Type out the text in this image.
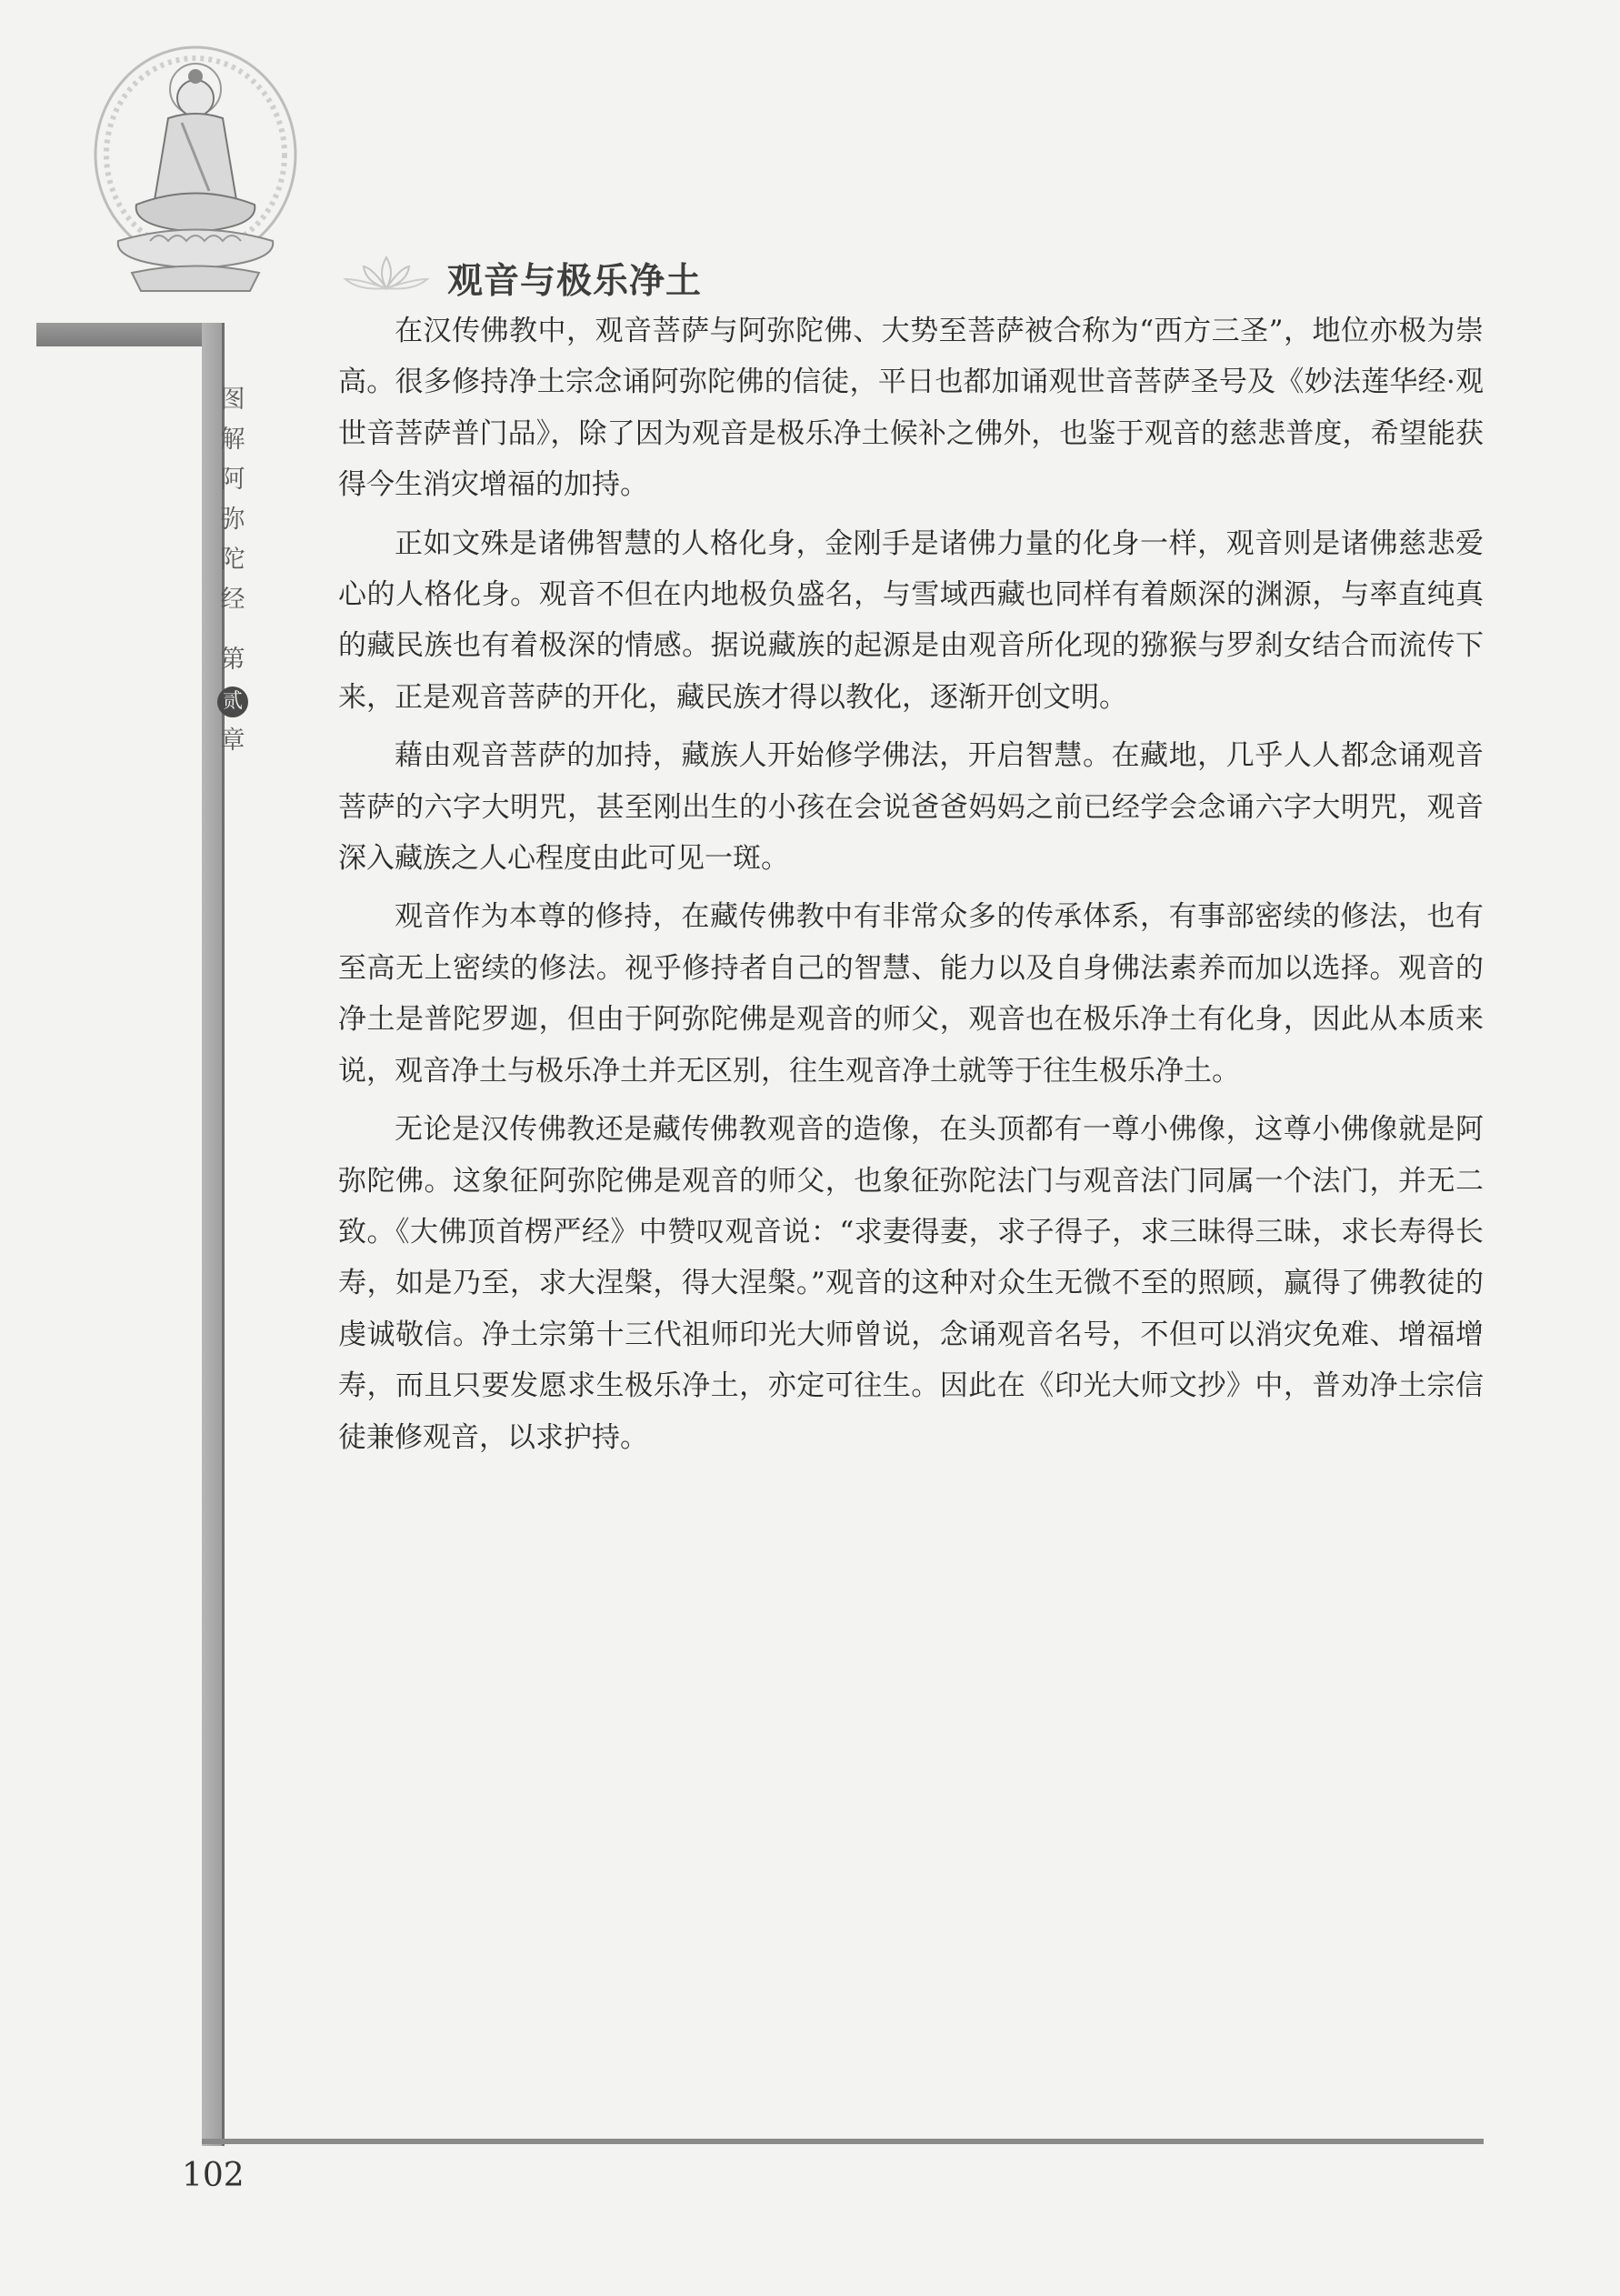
图
解
阿
弥
陀
经
第
贰
章
观音与极乐净土

在汉传佛教中，观音菩萨与阿弥陀佛、大势至菩萨被合称为“西方三圣”，地位亦极为崇高。很多修持净土宗念诵阿弥陀佛的信徒，平日也都加诵观世音菩萨圣号及《妙法莲华经·观世音菩萨普门品》，除了因为观音是极乐净土候补之佛外，也鉴于观音的慈悲普度，希望能获得今生消灾增福的加持。

正如文殊是诸佛智慧的人格化身，金刚手是诸佛力量的化身一样，观音则是诸佛慈悲爱心的人格化身。观音不但在内地极负盛名，与雪域西藏也同样有着颇深的渊源，与率直纯真的藏民族也有着极深的情感。据说藏族的起源是由观音所化现的猕猴与罗刹女结合而流传下来，正是观音菩萨的开化，藏民族才得以教化，逐渐开创文明。

藉由观音菩萨的加持，藏族人开始修学佛法，开启智慧。在藏地，几乎人人都念诵观音菩萨的六字大明咒，甚至刚出生的小孩在会说爸爸妈妈之前已经学会念诵六字大明咒，观音深入藏族之人心程度由此可见一斑。

观音作为本尊的修持，在藏传佛教中有非常众多的传承体系，有事部密续的修法，也有至高无上密续的修法。视乎修持者自己的智慧、能力以及自身佛法素养而加以选择。观音的净土是普陀罗迦，但由于阿弥陀佛是观音的师父，观音也在极乐净土有化身，因此从本质来说，观音净土与极乐净土并无区别，往生观音净土就等于往生极乐净土。

无论是汉传佛教还是藏传佛教观音的造像，在头顶都有一尊小佛像，这尊小佛像就是阿弥陀佛。这象征阿弥陀佛是观音的师父，也象征弥陀法门与观音法门同属一个法门，并无二致。《大佛顶首楞严经》中赞叹观音说：“求妻得妻，求子得子，求三昧得三昧，求长寿得长寿，如是乃至，求大涅槃，得大涅槃。”观音的这种对众生无微不至的照顾，赢得了佛教徒的虔诚敬信。净土宗第十三代祖师印光大师曾说，念诵观音名号，不但可以消灾免难、增福增寿，而且只要发愿求生极乐净土，亦定可往生。因此在《印光大师文抄》中，普劝净土宗信徒兼修观音，以求护持。

102
